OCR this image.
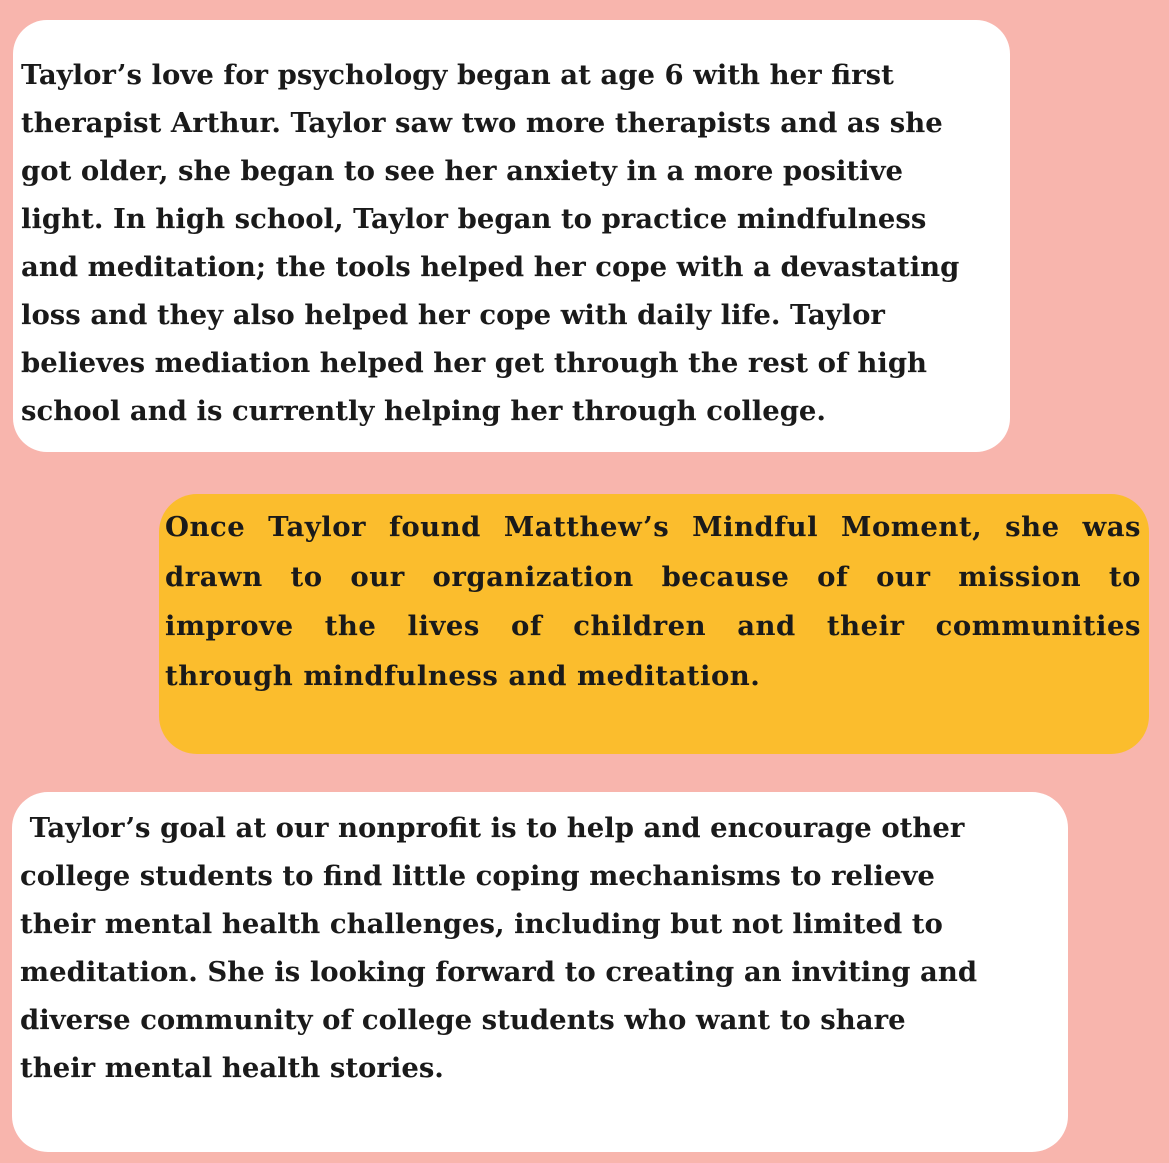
Taylor’s love for psychology began at age 6 with her first
therapist Arthur. Taylor saw two more therapists and as she
got older, she began to see her anxiety in a more positive
light. In high school, Taylor began to practice mindfulness
and meditation; the tools helped her cope with a devastating
loss and they also helped her cope with daily life. Taylor
believes mediation helped her get through the rest of high
school and is currently helping her through college.

Once Taylor found Matthew’s Mindful Moment, she was
drawn to our organization because of our mission to
improve the lives of children and their communities
through mindfulness and meditation.

Taylor’s goal at our nonprofit is to help and encourage other
college students to find little coping mechanisms to relieve
their mental health challenges, including but not limited to
meditation. She is looking forward to creating an inviting and
diverse community of college students who want to share
their mental health stories.
